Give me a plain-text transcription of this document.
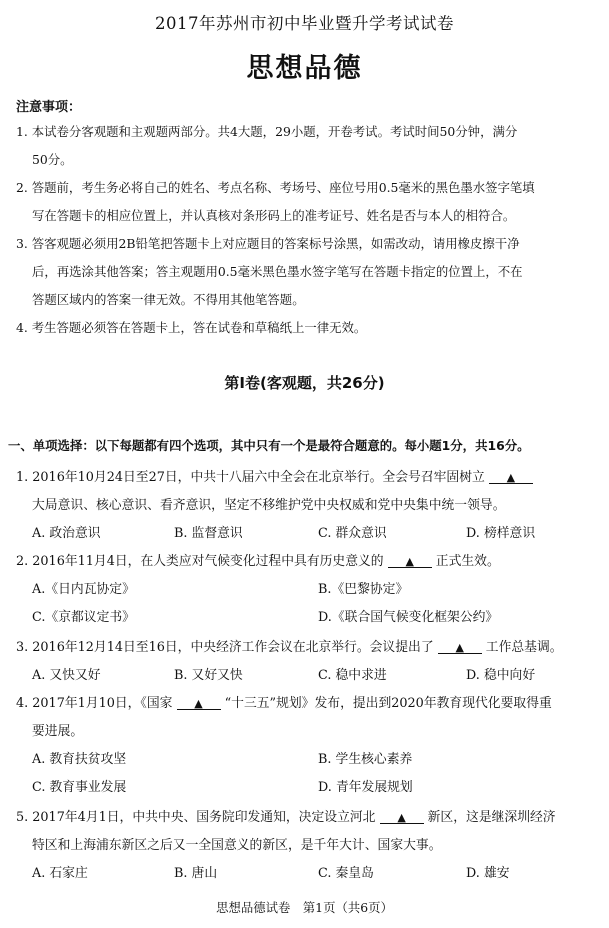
2017年苏州市初中毕业暨升学考试试卷
思想品德
注意事项：
1. 本试卷分客观题和主观题两部分。共4大题，29小题，开卷考试。考试时间50分钟，满分
50分。
2. 答题前，考生务必将自己的姓名、考点名称、考场号、座位号用0.5毫米的黑色墨水签字笔填
写在答题卡的相应位置上，并认真核对条形码上的准考证号、姓名是否与本人的相符合。
3. 答客观题必须用2B铅笔把答题卡上对应题目的答案标号涂黑，如需改动，请用橡皮擦干净
后，再选涂其他答案；答主观题用0.5毫米黑色墨水签字笔写在答题卡指定的位置上，不在
答题区域内的答案一律无效。不得用其他笔答题。
4. 考生答题必须答在答题卡上，答在试卷和草稿纸上一律无效。
第Ⅰ卷(客观题，共26分)
一、单项选择：以下每题都有四个选项，其中只有一个是最符合题意的。每小题1分，共16分。
1. 2016年10月24日至27日，中共十八届六中全会在北京举行。全会号召牢固树立 ▲
大局意识、核心意识、看齐意识，坚定不移维护党中央权威和党中央集中统一领导。
A. 政治意识	B. 监督意识	C. 群众意识	D. 榜样意识
2. 2016年11月4日，在人类应对气候变化过程中具有历史意义的 ▲ 正式生效。
A.《日内瓦协定》	B.《巴黎协定》
C.《京都议定书》	D.《联合国气候变化框架公约》
3. 2016年12月14日至16日，中央经济工作会议在北京举行。会议提出了 ▲ 工作总基调。
A. 又快又好	B. 又好又快	C. 稳中求进	D. 稳中向好
4. 2017年1月10日，《国家 ▲ “十三五”规划》发布，提出到2020年教育现代化要取得重
要进展。
A. 教育扶贫攻坚	B. 学生核心素养
C. 教育事业发展	D. 青年发展规划
5. 2017年4月1日，中共中央、国务院印发通知，决定设立河北 ▲ 新区，这是继深圳经济
特区和上海浦东新区之后又一全国意义的新区，是千年大计、国家大事。
A. 石家庄	B. 唐山	C. 秦皇岛	D. 雄安
思想品德试卷　第1页（共6页）
